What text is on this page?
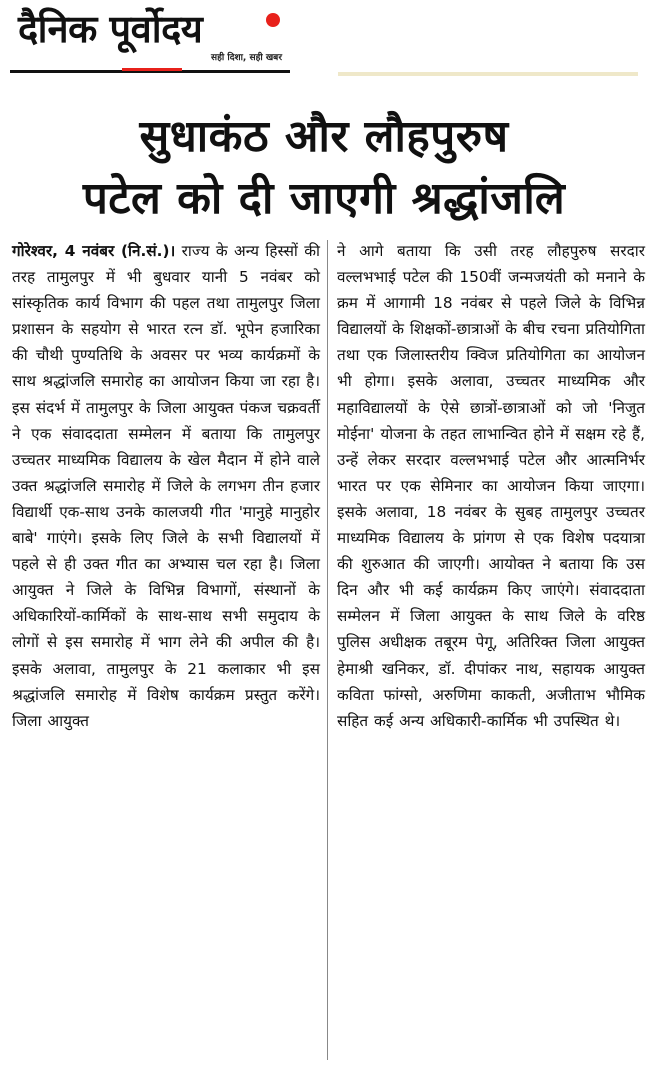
दैनिक पूर्वोदय
सही दिशा, सही खबर
सुधाकंठ और लौहपुरुष
पटेल को दी जाएगी श्रद्धांजलि

गोरेश्वर, 4 नवंबर (नि.सं.)। राज्य के अन्य हिस्सों की तरह तामुलपुर में भी बुधवार यानी 5 नवंबर को सांस्कृतिक कार्य विभाग की पहल तथा तामुलपुर जिला प्रशासन के सहयोग से भारत रत्न डॉ. भूपेन हजारिका की चौथी पुण्यतिथि के अवसर पर भव्य कार्यक्रमों के साथ श्रद्धांजलि समारोह का आयोजन किया जा रहा है। इस संदर्भ में तामुलपुर के जिला आयुक्त पंकज चक्रवर्ती ने एक संवाददाता सम्मेलन में बताया कि तामुलपुर उच्चतर माध्यमिक विद्यालय के खेल मैदान में होने वाले उक्त श्रद्धांजलि समारोह में जिले के लगभग तीन हजार विद्यार्थी एक-साथ उनके कालजयी गीत 'मानुहे मानुहोर बाबे' गाएंगे। इसके लिए जिले के सभी विद्यालयों में पहले से ही उक्त गीत का अभ्यास चल रहा है। जिला आयुक्त ने जिले के विभिन्न विभागों, संस्थानों के अधिकारियों-कार्मिकों के साथ-साथ सभी समुदाय के लोगों से इस समारोह में भाग लेने की अपील की है। इसके अलावा, तामुलपुर के 21 कलाकार भी इस श्रद्धांजलि समारोह में विशेष कार्यक्रम प्रस्तुत करेंगे। जिला आयुक्त

ने आगे बताया कि उसी तरह लौहपुरुष सरदार वल्लभभाई पटेल की 150वीं जन्मजयंती को मनाने के क्रम में आगामी 18 नवंबर से पहले जिले के विभिन्न विद्यालयों के शिक्षकों-छात्राओं के बीच रचना प्रतियोगिता तथा एक जिलास्तरीय क्विज प्रतियोगिता का आयोजन भी होगा। इसके अलावा, उच्चतर माध्यमिक और महाविद्यालयों के ऐसे छात्रों-छात्राओं को जो 'निजुत मोईना' योजना के तहत लाभान्वित होने में सक्षम रहे हैं, उन्हें लेकर सरदार वल्लभभाई पटेल और आत्मनिर्भर भारत पर एक सेमिनार का आयोजन किया जाएगा। इसके अलावा, 18 नवंबर के सुबह तामुलपुर उच्चतर माध्यमिक विद्यालय के प्रांगण से एक विशेष पदयात्रा की शुरुआत की जाएगी। आयोक्त ने बताया कि उस दिन और भी कई कार्यक्रम किए जाएंगे। संवाददाता सम्मेलन में जिला आयुक्त के साथ जिले के वरिष्ठ पुलिस अधीक्षक तबूरम पेगू, अतिरिक्त जिला आयुक्त हेमाश्री खनिकर, डॉ. दीपांकर नाथ, सहायक आयुक्त कविता फांग्सो, अरुणिमा काकती, अजीताभ भौमिक सहित कई अन्य अधिकारी-कार्मिक भी उपस्थित थे।
